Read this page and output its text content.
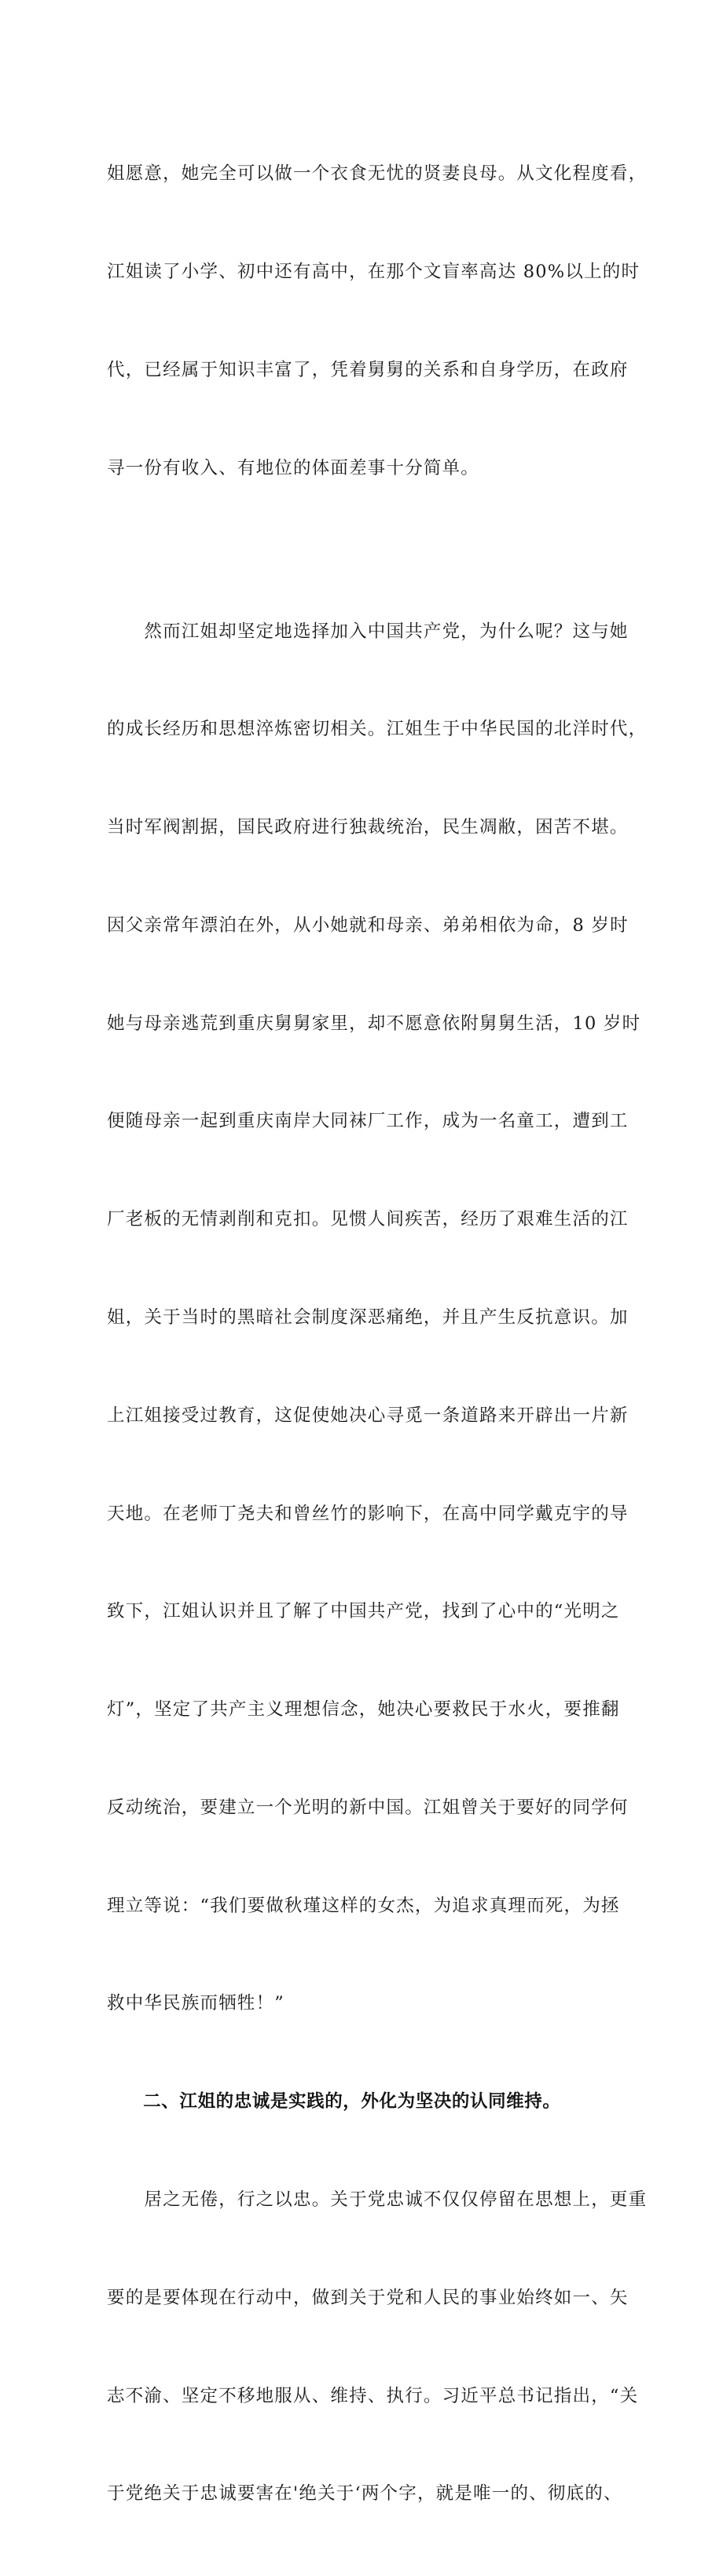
姐愿意，她完全可以做一个衣食无忧的贤妻良母。从文化程度看，

江姐读了小学、初中还有高中，在那个文盲率高达 80%以上的时

代，已经属于知识丰富了，凭着舅舅的关系和自身学历，在政府

寻一份有收入、有地位的体面差事十分简单。

　　然而江姐却坚定地选择加入中国共产党，为什么呢？这与她

的成长经历和思想淬炼密切相关。江姐生于中华民国的北洋时代，

当时军阀割据，国民政府进行独裁统治，民生凋敝，困苦不堪。

因父亲常年漂泊在外，从小她就和母亲、弟弟相依为命，8 岁时

她与母亲逃荒到重庆舅舅家里，却不愿意依附舅舅生活，10 岁时

便随母亲一起到重庆南岸大同袜厂工作，成为一名童工，遭到工

厂老板的无情剥削和克扣。见惯人间疾苦，经历了艰难生活的江

姐，关于当时的黑暗社会制度深恶痛绝，并且产生反抗意识。加

上江姐接受过教育，这促使她决心寻觅一条道路来开辟出一片新

天地。在老师丁尧夫和曾丝竹的影响下，在高中同学戴克宇的导

致下，江姐认识并且了解了中国共产党，找到了心中的“光明之

灯”，坚定了共产主义理想信念，她决心要救民于水火，要推翻

反动统治，要建立一个光明的新中国。江姐曾关于要好的同学何

理立等说：“我们要做秋瑾这样的女杰，为追求真理而死，为拯

救中华民族而牺牲！”

　　二、江姐的忠诚是实践的，外化为坚决的认同维持。

　　居之无倦，行之以忠。关于党忠诚不仅仅停留在思想上，更重

要的是要体现在行动中，做到关于党和人民的事业始终如一、矢

志不渝、坚定不移地服从、维持、执行。习近平总书记指出，“关

于党绝关于忠诚要害在'绝关于‘两个字，就是唯一的、彻底的、
